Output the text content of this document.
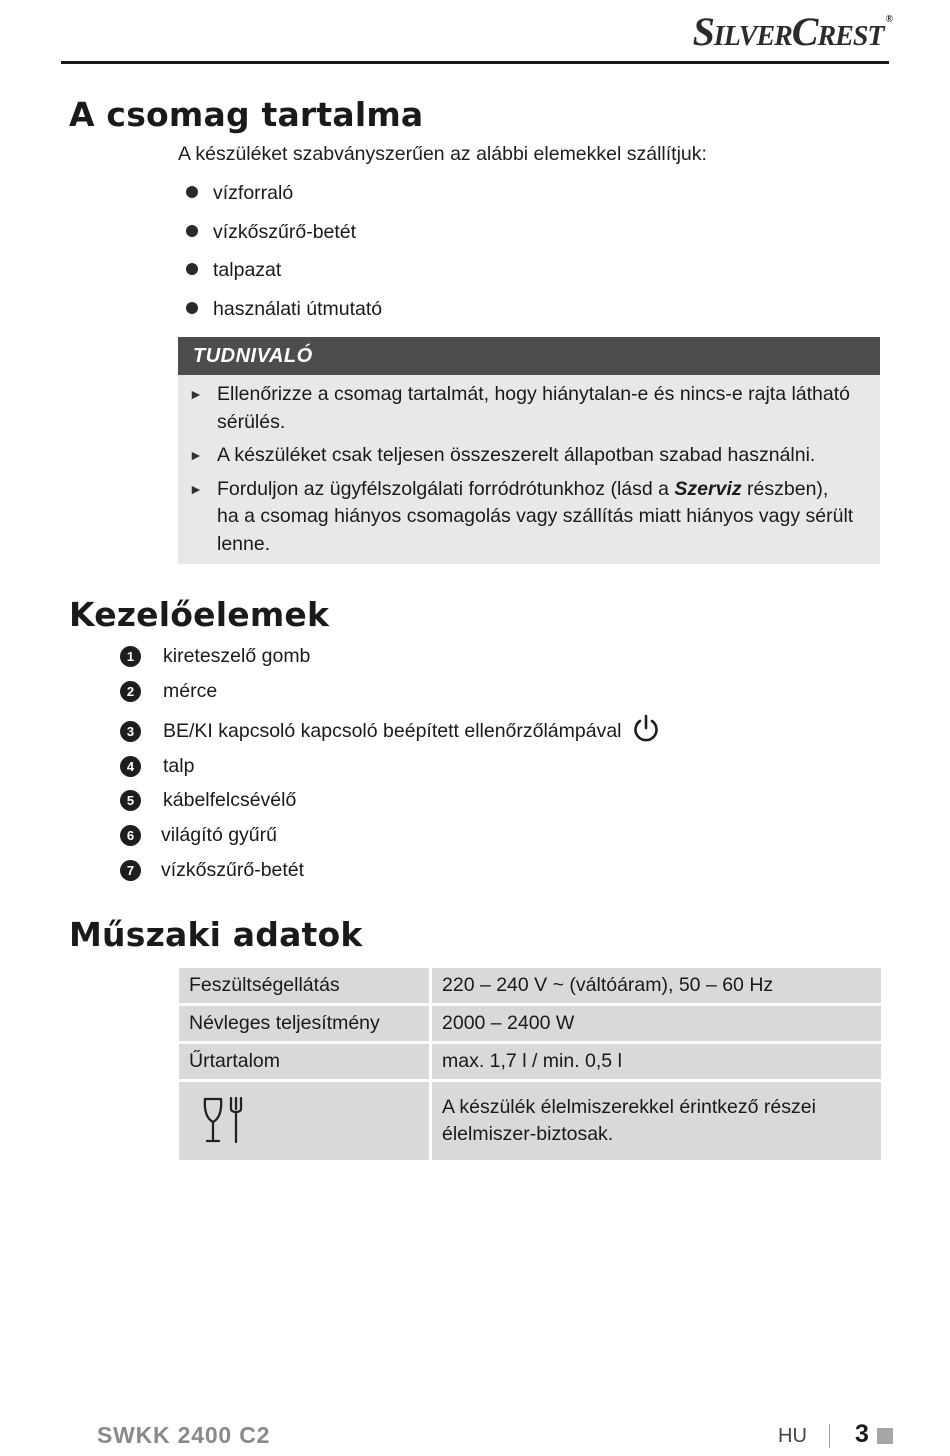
SilverCrest ®
A csomag tartalma
A készüléket szabványszerűen az alábbi elemekkel szállítjuk:
vízforraló
vízkőszűrő-betét
talpazat
használati útmutató
TUDNIVALÓ
► Ellenőrizze a csomag tartalmát, hogy hiánytalan-e és nincs-e rajta látható
sérülés.
► A készüléket csak teljesen összeszerelt állapotban szabad használni.
► Forduljon az ügyfélszolgálati forródrótunkhoz (lásd a Szerviz részben),
ha a csomag hiányos csomagolás vagy szállítás miatt hiányos vagy sérült
lenne.
Kezelőelemek
1	kireteszelő gomb
2	mérce
3	BE/KI kapcsoló kapcsoló beépített ellenőrzőlámpával
4	talp
5	kábelfelcsévélő
6	világító gyűrű
7	vízkőszűrő-betét
Műszaki adatok
Feszültségellátás	220 – 240 V ~ (váltóáram), 50 – 60 Hz
Névleges teljesítmény	2000 – 2400 W
Űrtartalom	max. 1,7 l / min. 0,5 l

	A készülék élelmiszerekkel érintkező részei
élelmiszer-biztosak.
SWKK 2400 C2	HU 3
